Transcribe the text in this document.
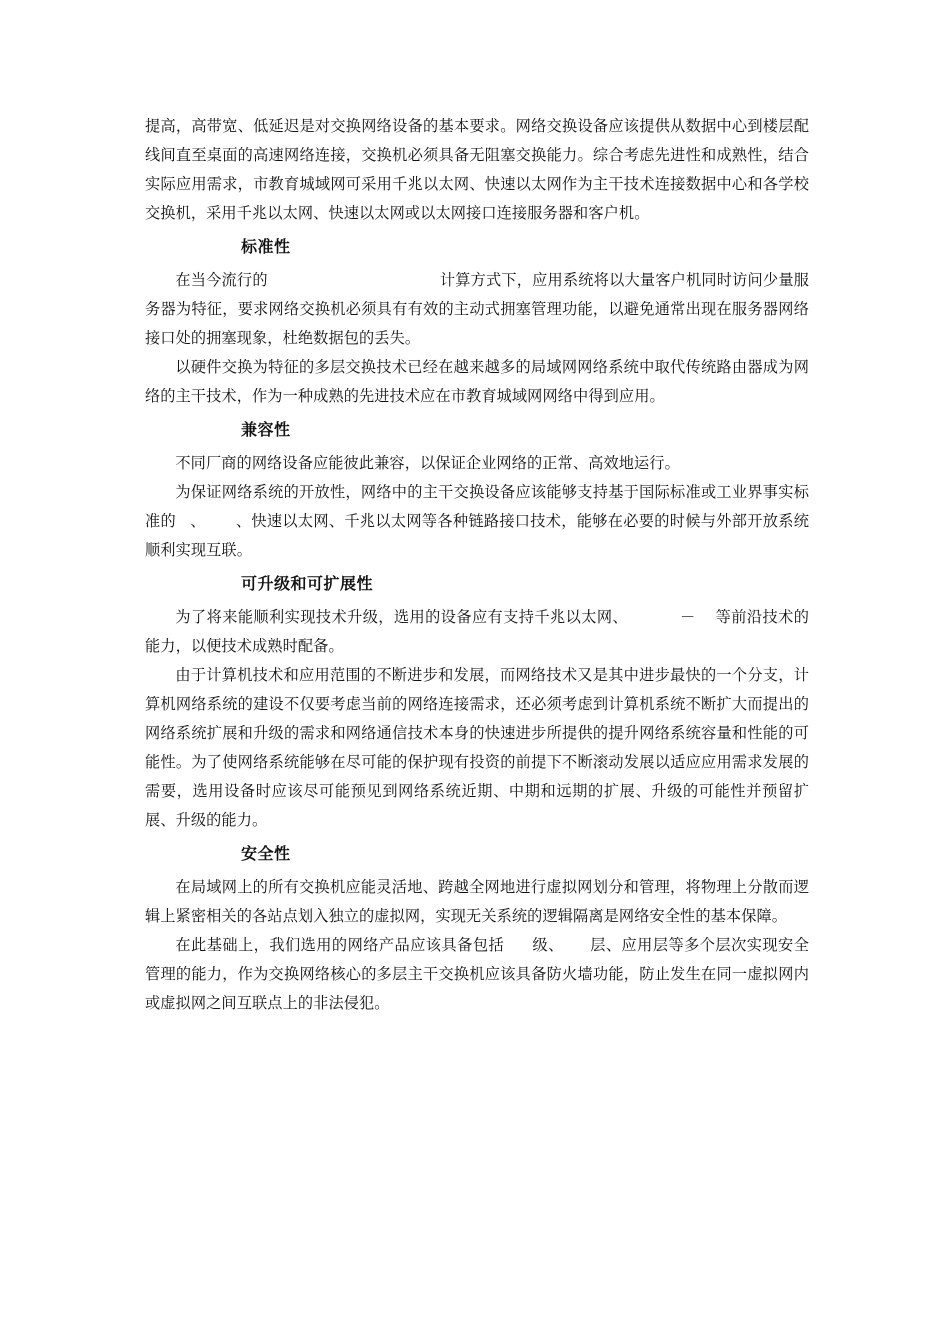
提高，高带宽、低延迟是对交换网络设备的基本要求。网络交换设备应该提供从数据中心到楼层配线间直至桌面的高速网络连接，交换机必须具备无阻塞交换能力。综合考虑先进性和成熟性，结合实际应用需求，市教育城域网可采用千兆以太网、快速以太网作为主干技术连接数据中心和各学校交换机，采用千兆以太网、快速以太网或以太网接口连接服务器和客户机。

标准性

在当今流行的	计算方式下，应用系统将以大量客户机同时访问少量服务器为特征，要求网络交换机必须具有有效的主动式拥塞管理功能，以避免通常出现在服务器网络接口处的拥塞现象，杜绝数据包的丢失。

以硬件交换为特征的多层交换技术已经在越来越多的局域网网络系统中取代传统路由器成为网络的主干技术，作为一种成熟的先进技术应在市教育城域网网络中得到应用。

兼容性

不同厂商的网络设备应能彼此兼容，以保证企业网络的正常、高效地运行。

为保证网络系统的开放性，网络中的主干交换设备应该能够支持基于国际标准或工业界事实标准的 、 、快速以太网、千兆以太网等各种链路接口技术，能够在必要的时候与外部开放系统顺利实现互联。

可升级和可扩展性

为了将来能顺利实现技术升级，选用的设备应有支持千兆以太网、	－ 等前沿技术的能力，以便技术成熟时配备。

由于计算机技术和应用范围的不断进步和发展，而网络技术又是其中进步最快的一个分支，计算机网络系统的建设不仅要考虑当前的网络连接需求，还必须考虑到计算机系统不断扩大而提出的网络系统扩展和升级的需求和网络通信技术本身的快速进步所提供的提升网络系统容量和性能的可能性。为了使网络系统能够在尽可能的保护现有投资的前提下不断滚动发展以适应应用需求发展的需要，选用设备时应该尽可能预见到网络系统近期、中期和远期的扩展、升级的可能性并预留扩展、升级的能力。

安全性

在局域网上的所有交换机应能灵活地、跨越全网地进行虚拟网划分和管理，将物理上分散而逻辑上紧密相关的各站点划入独立的虚拟网，实现无关系统的逻辑隔离是网络安全性的基本保障。

在此基础上，我们选用的网络产品应该具备包括 级、 层、应用层等多个层次实现安全管理的能力，作为交换网络核心的多层主干交换机应该具备防火墙功能，防止发生在同一虚拟网内或虚拟网之间互联点上的非法侵犯。
